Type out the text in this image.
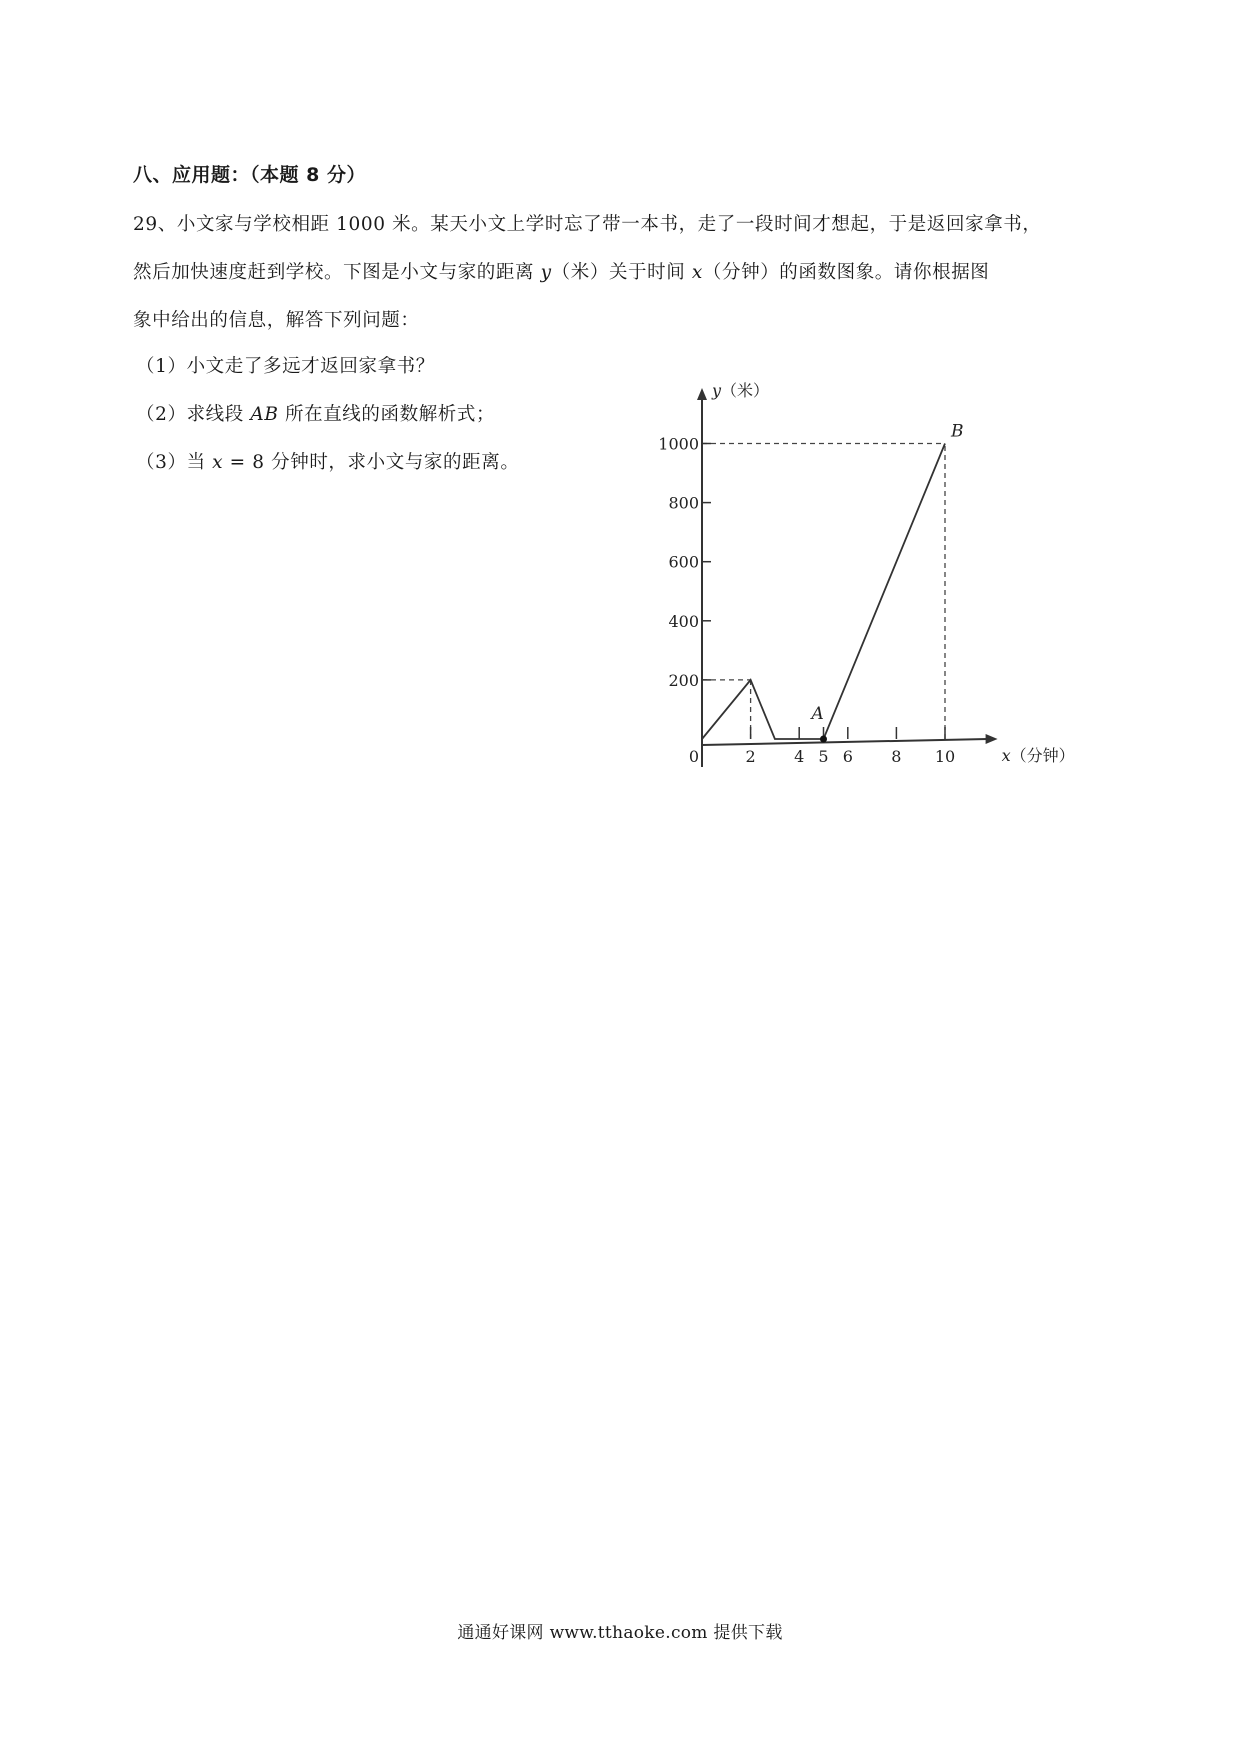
八、应用题：（本题 8 分）
29、小文家与学校相距 1000 米。某天小文上学时忘了带一本书，走了一段时间才想起，于是返回家拿书，
然后加快速度赶到学校。下图是小文与家的距离 y（米）关于时间 x（分钟）的函数图象。请你根据图
象中给出的信息，解答下列问题：
（1）小文走了多远才返回家拿书？
（2）求线段 AB 所在直线的函数解析式；
（3）当 x = 8 分钟时，求小文与家的距离。
200
400
600
800
1000
0	2 4 5 6 8 10
A
B
x（分钟）
y（米）
通通好课网 www.tthaoke.com 提供下载
